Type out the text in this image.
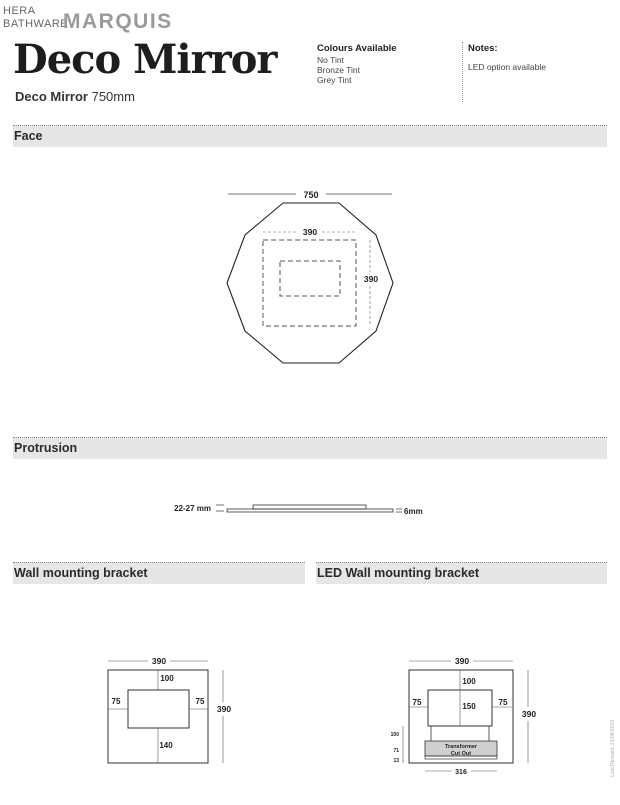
HERA
BATHWARE
MARQUIS
Deco Mirror
Deco Mirror 750mm
Colours Available
No Tint
Bronze Tint
Grey Tint
Notes:
LED option available
Face
Protrusion
Wall mounting bracket	LED Wall mounting bracket
750
390
390
22-27 mm	6mm
390
390
100
75	75
140
390
390
100
75	75
150
100
71
13
Transformer
Cut Out
316	Last Revised: 21/06/2023
